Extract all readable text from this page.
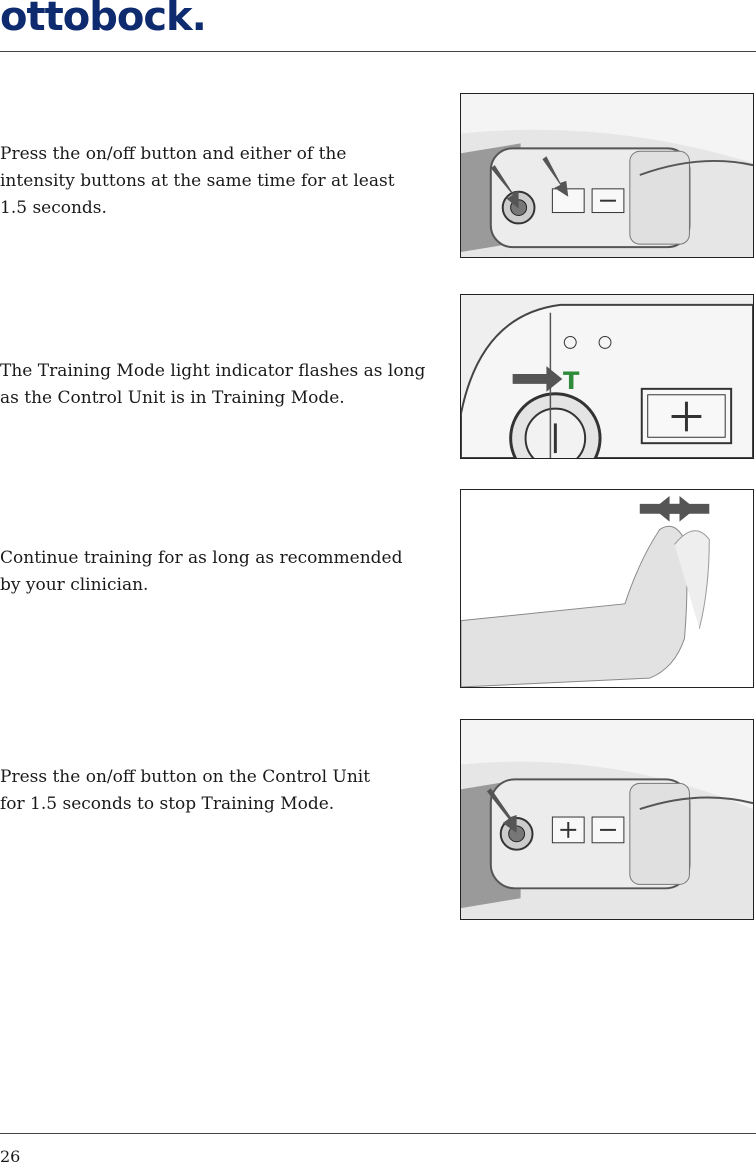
ottobock.

Press the on/off button and either of the
intensity buttons at the same time for at least
1.5 seconds.

The Training Mode light indicator flashes as long
as the Control Unit is in Training Mode.

T

Continue training for as long as recommended
by your clinician.

Press the on/off button on the Control Unit
for 1.5 seconds to stop Training Mode.

26
